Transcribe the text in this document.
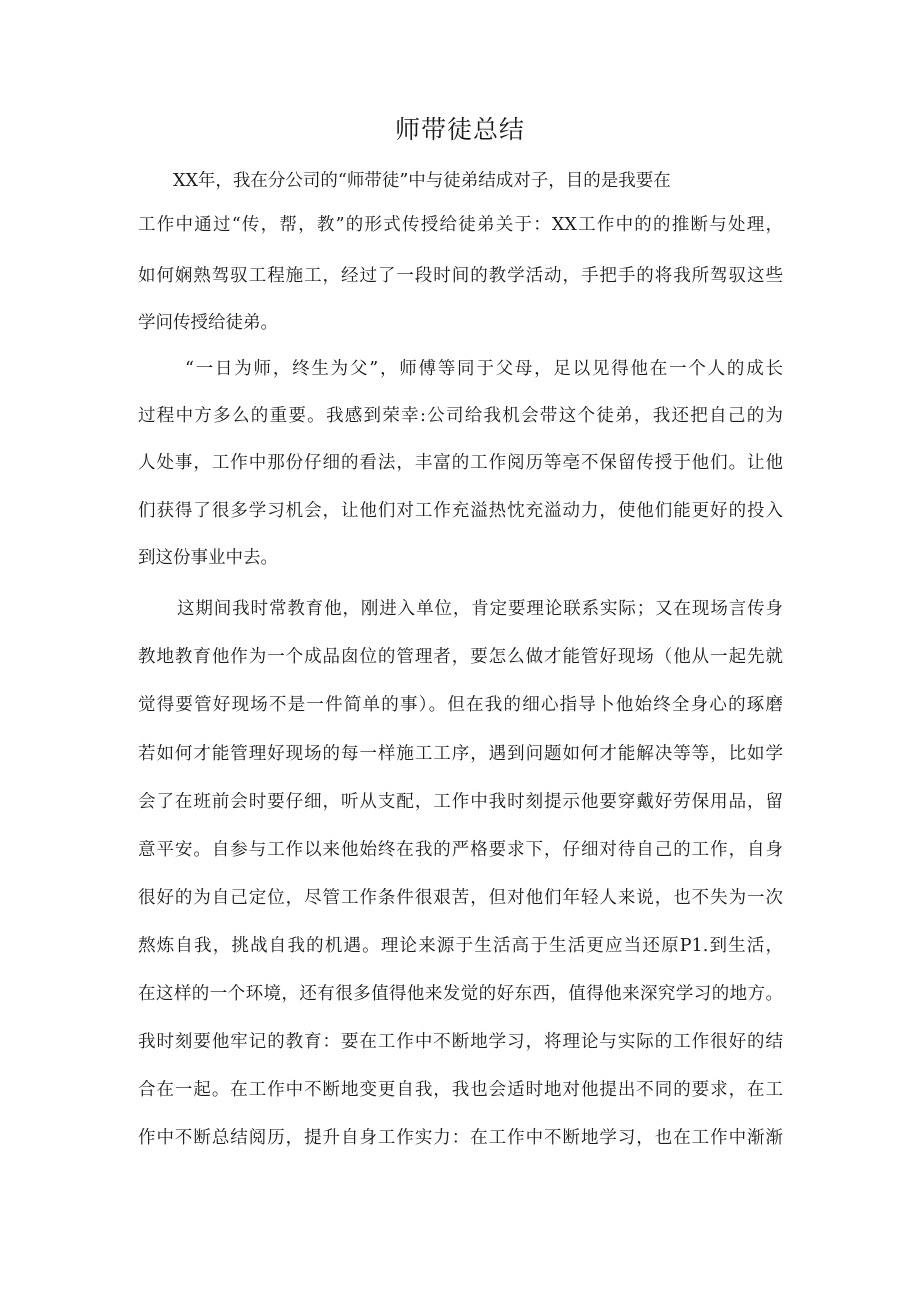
师带徒总结
XX年，我在分公司的“师带徒”中与徒弟结成对子，目的是我要在
工作中通过“传，帮，教”的形式传授给徒弟关于：XX工作中的的推断与处理，
如何娴熟驾驭工程施工，经过了一段时间的教学活动，手把手的将我所驾驭这些
学问传授给徒弟。
“一日为师，终生为父”，师傅等同于父母，足以见得他在一个人的成长
过程中方多么的重要。我感到荣幸:公司给我机会带这个徒弟，我还把自己的为
人处事，工作中那份仔细的看法，丰富的工作阅历等亳不保留传授于他们。让他
们获得了很多学习机会，让他们对工作充溢热忱充溢动力，使他们能更好的投入
到这份事业中去。
这期间我时常教育他，刚进入单位，肯定要理论联系实际；又在现场言传身
教地教育他作为一个成品囱位的管理者，要怎么做才能管好现场（他从一起先就
觉得要管好现场不是一件简单的事）。但在我的细心指导卜他始终全身心的琢磨
若如何才能管理好现场的每一样施工工序，遇到问题如何才能解决等等，比如学
会了在班前会时要仔细，听从支配，工作中我时刻提示他要穿戴好劳保用品，留
意平安。自参与工作以来他始终在我的严格要求下，仔细对待自己的工作，自身
很好的为自己定位，尽管工作条件很艰苦，但对他们年轻人来说，也不失为一次
熬炼自我，挑战自我的机遇。理论来源于生活高于生活更应当还原P1.到生活，
在这样的一个环境，还有很多值得他来发觉的好东西，值得他来深究学习的地方。
我时刻要他牢记的教育：要在工作中不断地学习，将理论与实际的工作很好的结
合在一起。在工作中不断地变更自我，我也会适时地对他提出不同的要求，在工
作中不断总结阅历，提升自身工作实力：在工作中不断地学习，也在工作中渐渐
